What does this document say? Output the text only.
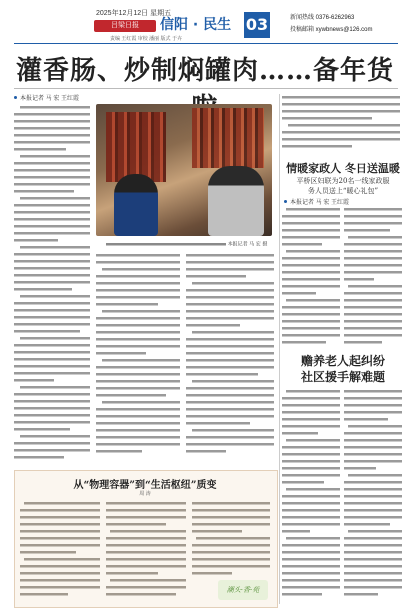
2025年12月12日 星期五
吕梁日报	信阳 · 民生
责编 王红霞 审校 潘丽 版式 于卉
03	新闻热线 0376-6262963
投稿邮箱 xywbnews@126.com
灌香肠、炒制焖罐肉……备年货
本报记者 马 宏 王红霞
本报记者 马 宏 摄
情暖家政人 冬日送温暖
平桥区妇联为20名一线家政服
务人员送上“暖心礼包”
本报记者 马 宏 王红霞
赡养老人起纠纷
社区援手解难题
从“物理容器”到“生活枢纽”质变
周 涛
潮头·香·苑
